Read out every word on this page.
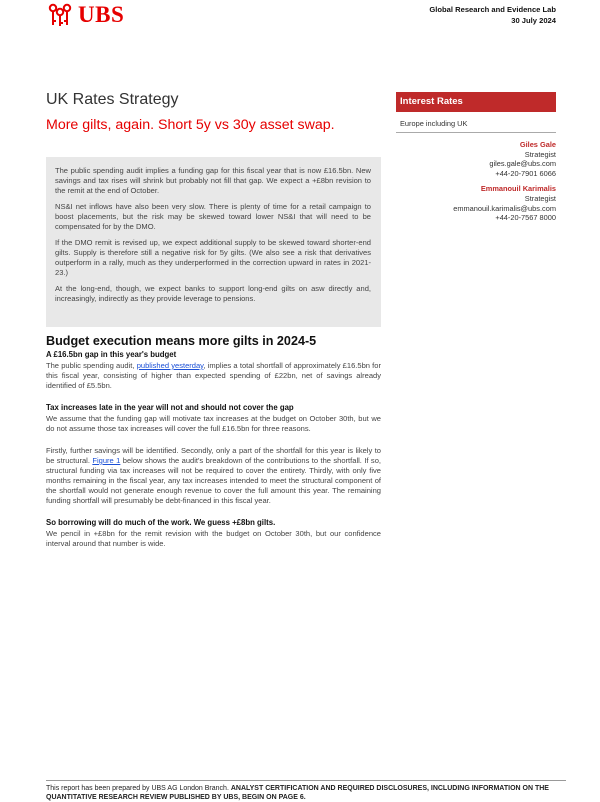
UBS	Global Research and Evidence Lab
30 July 2024
UK Rates Strategy
More gilts, again. Short 5y vs 30y asset swap.
Interest Rates
Europe including UK
Giles Gale
Strategist
giles.gale@ubs.com
+44-20-7901 6066
Emmanouil Karimalis
Strategist
emmanouil.karimalis@ubs.com
+44-20-7567 8000

The public spending audit implies a funding gap for this fiscal year that is now £16.5bn. New savings and tax rises will shrink but probably not fill that gap. We expect a +£8bn revision to the remit at the end of October.

NS&I net inflows have also been very slow. There is plenty of time for a retail campaign to boost placements, but the risk may be skewed toward lower NS&I that will need to be compensated for by the DMO.

If the DMO remit is revised up, we expect additional supply to be skewed toward shorter-end gilts. Supply is therefore still a negative risk for 5y gilts. (We also see a risk that derivatives outperform in a rally, much as they underperformed in the correction upward in rates in 2021-23.)

At the long-end, though, we expect banks to support long-end gilts on asw directly and, increasingly, indirectly as they provide leverage to pensions.

Budget execution means more gilts in 2024-5
A £16.5bn gap in this year's budget

The public spending audit, published yesterday, implies a total shortfall of approximately £16.5bn for this fiscal year, consisting of higher than expected spending of £22bn, net of savings already identified of £5.5bn.

Tax increases late in the year will not and should not cover the gap

We assume that the funding gap will motivate tax increases at the budget on October 30th, but we do not assume those tax increases will cover the full £16.5bn for three reasons.

Firstly, further savings will be identified. Secondly, only a part of the shortfall for this year is likely to be structural. Figure 1 below shows the audit's breakdown of the contributions to the shortfall. If so, structural funding via tax increases will not be required to cover the entirety. Thirdly, with only five months remaining in the fiscal year, any tax increases intended to meet the structural component of the shortfall would not generate enough revenue to cover the full amount this year. The remaining funding shortfall will presumably be debt-financed in this fiscal year.

So borrowing will do much of the work. We guess +£8bn gilts.

We pencil in +£8bn for the remit revision with the budget on October 30th, but our confidence interval around that number is wide.

This report has been prepared by UBS AG London Branch. ANALYST CERTIFICATION AND REQUIRED DISCLOSURES, INCLUDING INFORMATION ON THE QUANTITATIVE RESEARCH REVIEW PUBLISHED BY UBS, BEGIN ON PAGE 6.
